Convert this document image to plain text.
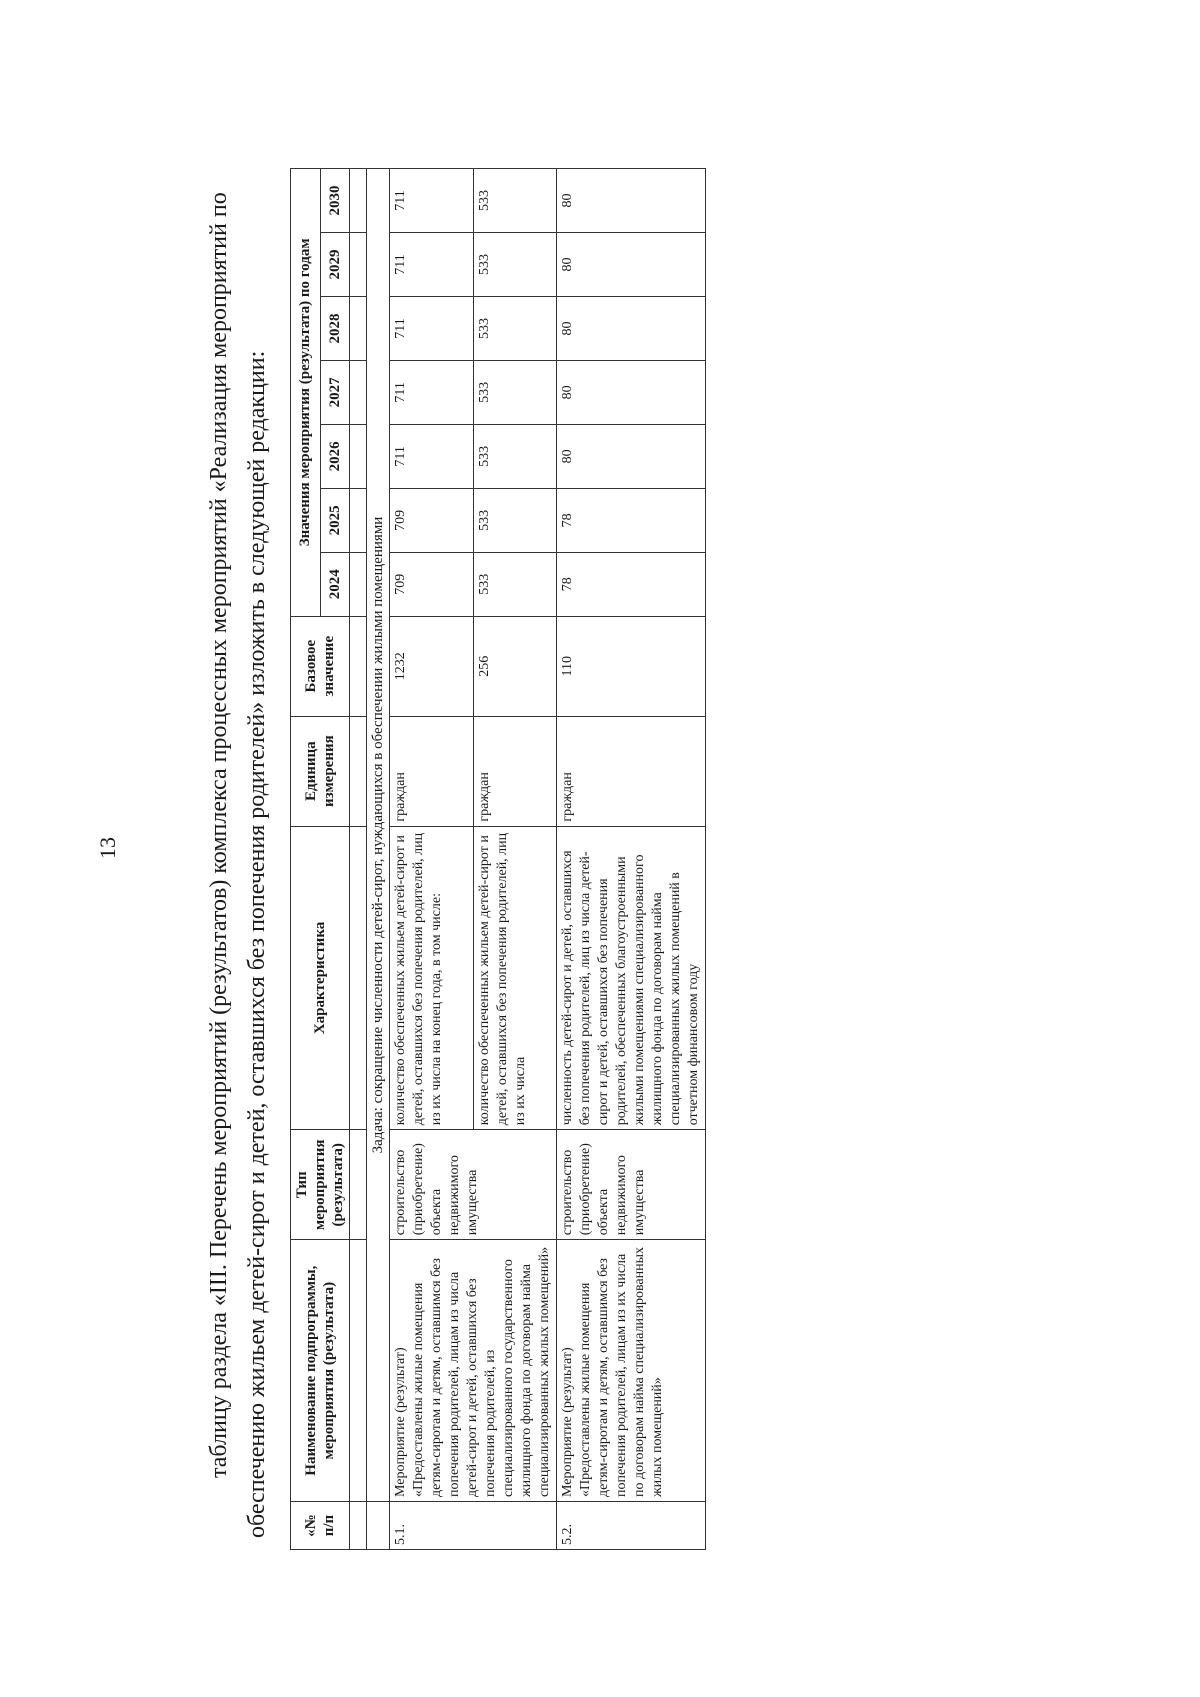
13	таблицу раздела «III. Перечень мероприятий (результатов) комплекса процессных мероприятий «Реализация мероприятий по обеспечению жильем детей-сирот и детей, оставшихся без попечения родителей» изложить в следующей редакции:	«№ п/п	Наименование подпрограммы, мероприятия (результата)	Тип мероприятия (результата)	Характеристика	Единица измерения	Базовое значение	Значения мероприятия (результата) по годам						
						2024	2025	2026	2027	2028	2029	2030

	Задача: сокращение численности детей-сирот, нуждающихся в обеспечении жилыми помещениями											
5.1.	Мероприятие (результат) «Предоставлены жилые помещения детям-сиротам и детям, оставшимся без попечения родителей, лицам из числа детей-сирот и детей, оставшихся без попечения родителей, из специализированного государственного жилищного фонда по договорам найма специализированных жилых помещений»	строительство (приобретение) объекта недвижимого имущества	количество обеспеченных жильем детей-сирот и детей, оставшихся без попечения родителей, лиц из их числа на конец года, в том числе:	граждан	1232	709	709	711	711	711	711	711
			количество обеспеченных жильем детей-сирот и детей, оставшихся без попечения родителей, лиц из их числа	граждан	256	533	533	533	533	533	533	533
5.2.	Мероприятие (результат) «Предоставлены жилые помещения детям-сиротам и детям, оставшимся без попечения родителей, лицам из их числа по договорам найма специализированных жилых помещений»	строительство (приобретение) объекта недвижимого имущества	численность детей-сирот и детей, оставшихся без попечения родителей, лиц из числа детей-сирот и детей, оставшихся без попечения родителей, обеспеченных благоустроенными жилыми помещениями специализированного жилищного фонда по договорам найма специализированных жилых помещений в отчетном финансовом году	граждан	110	78	78	80	80	80	80	80
